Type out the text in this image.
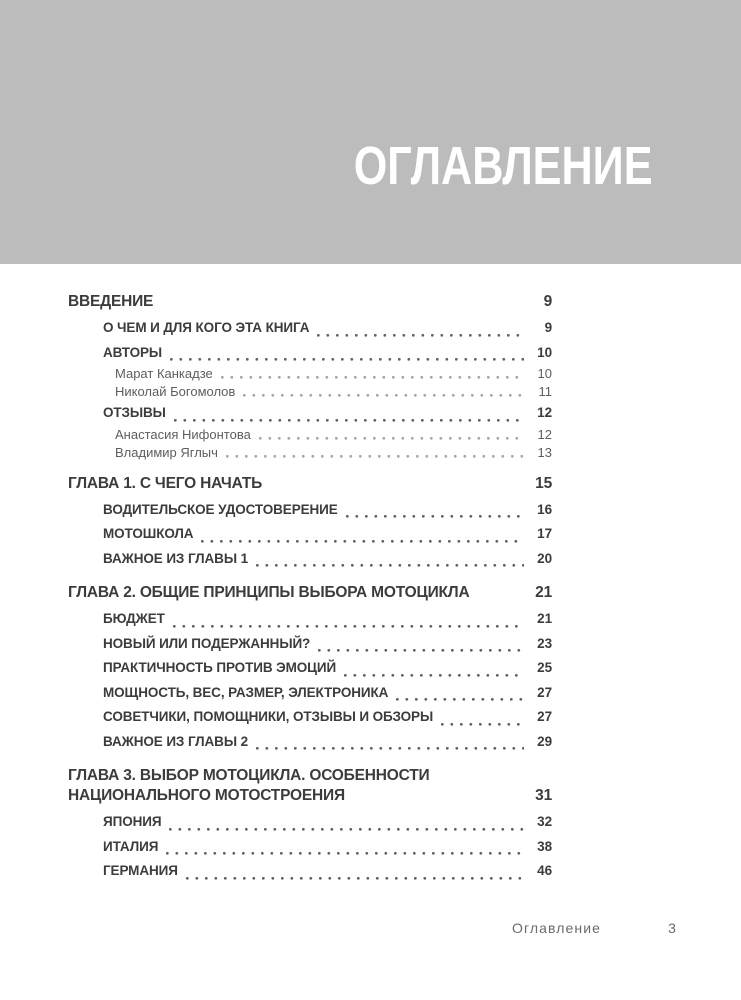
ОГЛАВЛЕНИЕ
ВВЕДЕНИЕ	9
О ЧЕМ И ДЛЯ КОГО ЭТА КНИГА	9
АВТОРЫ	10
Марат Канкадзе	10
Николай Богомолов	11
ОТЗЫВЫ	12
Анастасия Нифонтова	12
Владимир Яглыч	13
ГЛАВА 1. С ЧЕГО НАЧАТЬ	15
ВОДИТЕЛЬСКОЕ УДОСТОВЕРЕНИЕ	16
МОТОШКОЛА	17
ВАЖНОЕ ИЗ ГЛАВЫ 1	20
ГЛАВА 2. ОБЩИЕ ПРИНЦИПЫ ВЫБОРА МОТОЦИКЛА	21
БЮДЖЕТ	21
НОВЫЙ ИЛИ ПОДЕРЖАННЫЙ?	23
ПРАКТИЧНОСТЬ ПРОТИВ ЭМОЦИЙ	25
МОЩНОСТЬ, ВЕС, РАЗМЕР, ЭЛЕКТРОНИКА	27
СОВЕТЧИКИ, ПОМОЩНИКИ, ОТЗЫВЫ И ОБЗОРЫ	27
ВАЖНОЕ ИЗ ГЛАВЫ 2	29
ГЛАВА 3. ВЫБОР МОТОЦИКЛА. ОСОБЕННОСТИ НАЦИОНАЛЬНОГО МОТОСТРОЕНИЯ	31
ЯПОНИЯ	32
ИТАЛИЯ	38
ГЕРМАНИЯ	46
Оглавление	3
